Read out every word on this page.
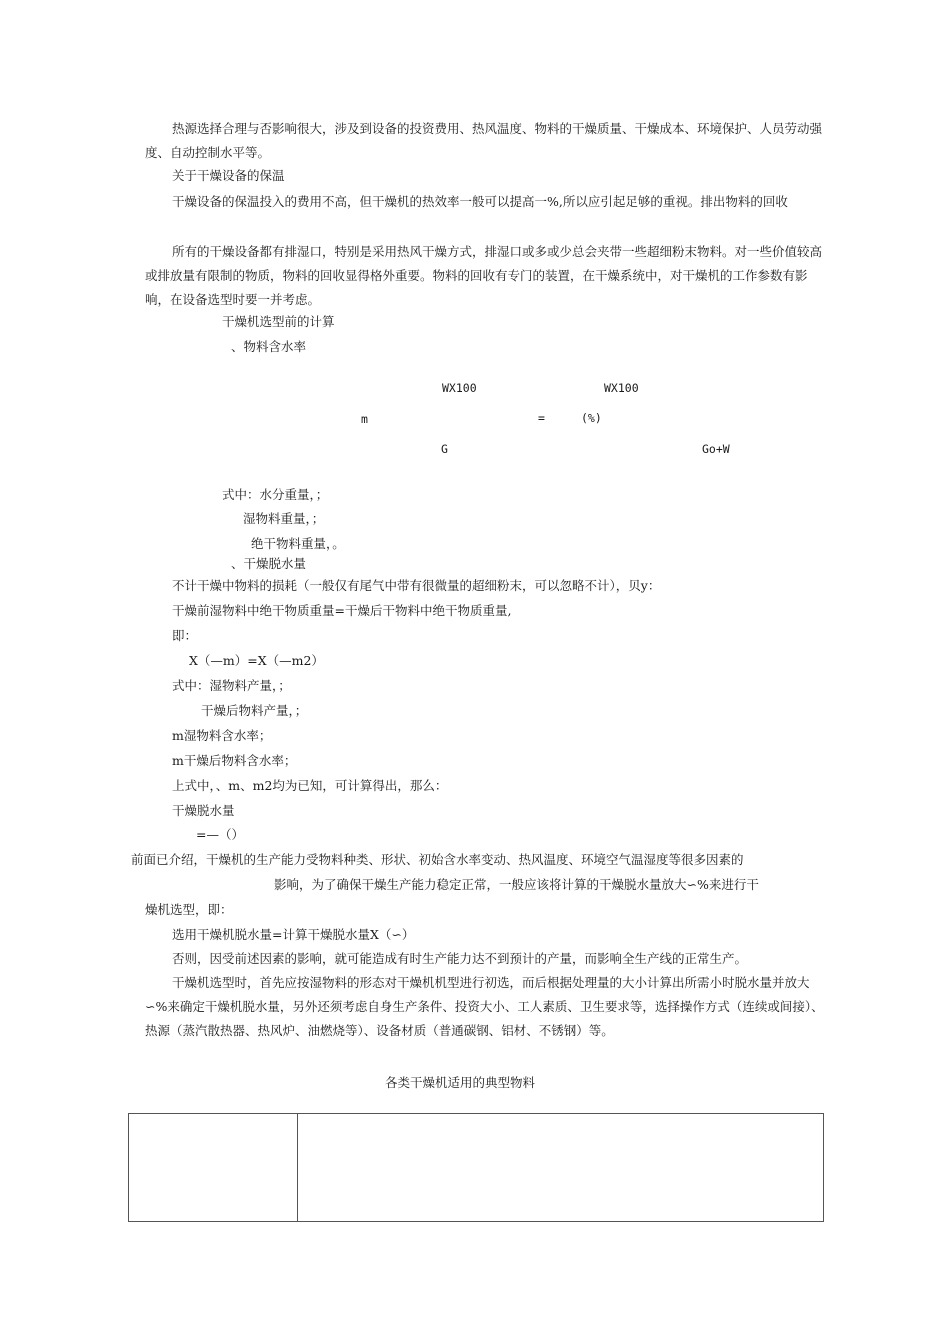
热源选择合理与否影响很大，涉及到设备的投资费用、热风温度、物料的干燥质量、干燥成本、环境保护、人员劳动强度、自动控制水平等。
关于干燥设备的保温
干燥设备的保温投入的费用不高，但干燥机的热效率一般可以提高一%,所以应引起足够的重视。排出物料的回收
所有的干燥设备都有排湿口，特别是采用热风干燥方式，排湿口或多或少总会夹带一些超细粉末物料。对一些价值较高或排放量有限制的物质，物料的回收显得格外重要。物料的回收有专门的装置，在干燥系统中，对干燥机的工作参数有影响，在设备选型时要一并考虑。
干燥机选型前的计算
、物料含水率
WX100	WX100
m	=	(%)
G	Go+W
式中：水分重量，；
湿物料重量，；
绝干物料重量，。
、干燥脱水量
不计干燥中物料的损耗（一般仅有尾气中带有很微量的超细粉末，可以忽略不计），贝y：
干燥前湿物料中绝干物质重量=干燥后干物料中绝干物质重量,
即：
X（—m）=X（—m2）
式中：湿物料产量，；
干燥后物料产量，；
m湿物料含水率；
m干燥后物料含水率；
上式中，、m、m2均为已知，可计算得出，那么：
干燥脱水量
=—（）
前面已介绍，干燥机的生产能力受物料种类、形状、初始含水率变动、热风温度、环境空气温湿度等很多因素的
影响，为了确保干燥生产能力稳定正常，一般应该将计算的干燥脱水量放大∽%来进行干
燥机选型，即：
选用干燥机脱水量=计算干燥脱水量X（∽）
否则，因受前述因素的影响，就可能造成有时生产能力达不到预计的产量，而影响全生产线的正常生产。
干燥机选型时，首先应按湿物料的形态对干燥机机型进行初选，而后根据处理量的大小计算出所需小时脱水量并放大∽%来确定干燥机脱水量，另外还须考虑自身生产条件、投资大小、工人素质、卫生要求等，选择操作方式（连续或间接）、热源（蒸汽散热器、热风炉、油燃烧等）、设备材质（普通碳钢、铝材、不锈钢）等。
各类干燥机适用的典型物料
